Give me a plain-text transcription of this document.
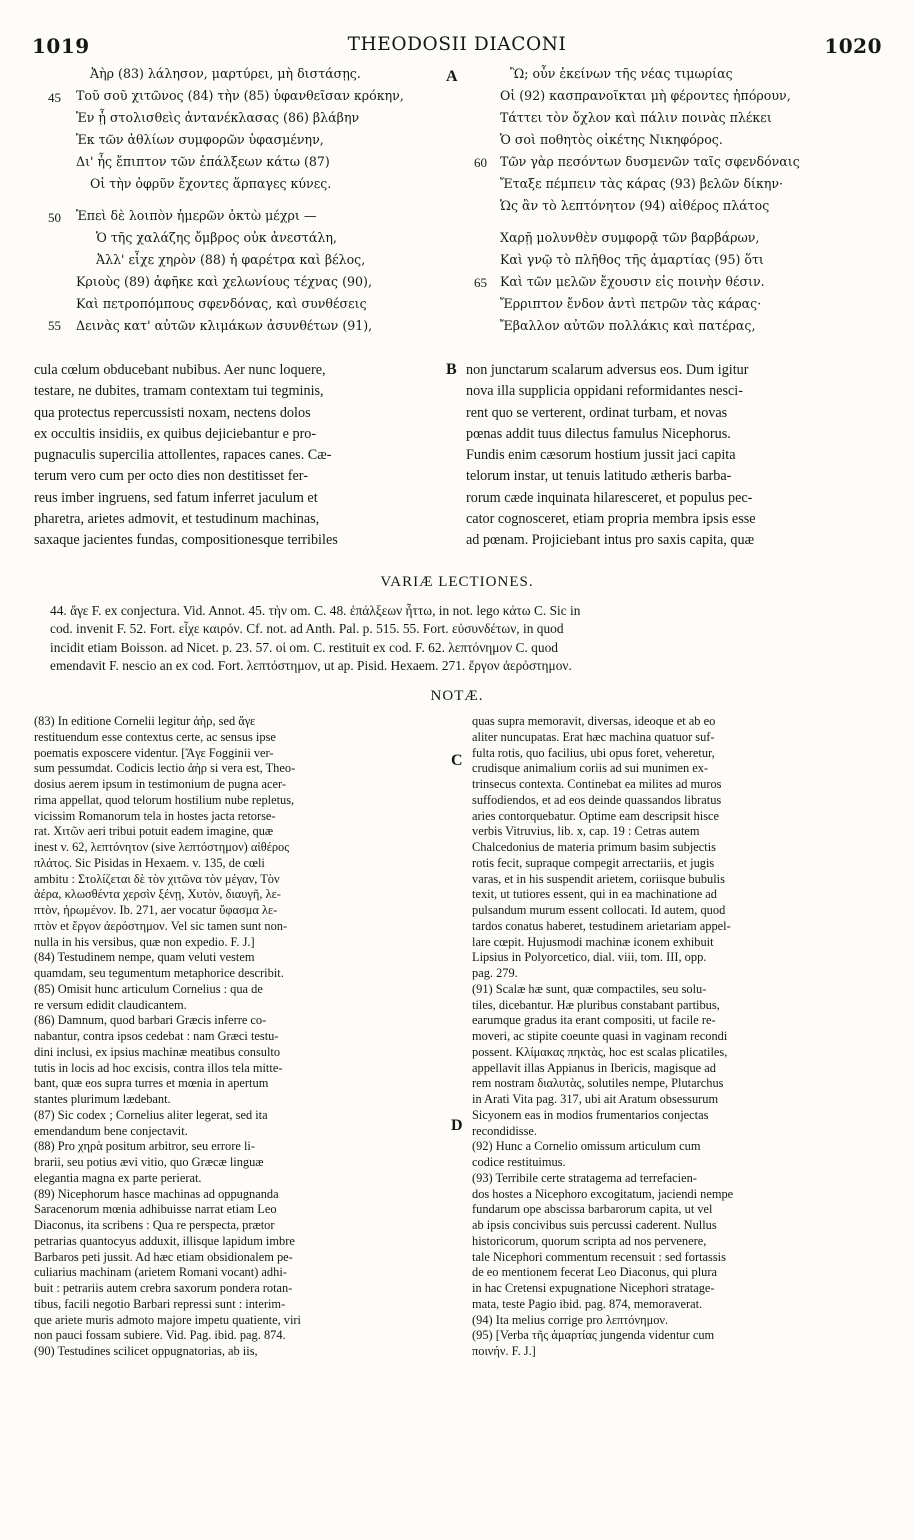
1019	THEODOSII DIACONI	1020
A
B
C
D
45
50
55
Ἀὴρ (83) λάλησον, μαρτύρει, μὴ διστάσῃς.
Τοῦ σοῦ χιτῶνος (84) τὴν (85) ὑφανθεῖσαν κρόκην,
Ἐν ᾗ στολισθεὶς ἀντανέκλασας (86) βλάβην
Ἐκ τῶν ἀθλίων συμφορῶν ὑφασμένην,
Δι' ἧς ἔπιπτον τῶν ἐπάλξεων κάτω (87)
Οἱ τὴν ὀφρῦν ἔχοντες ἅρπαγες κύνες.
Ἐπεὶ δὲ λοιπὸν ἡμερῶν ὀκτὼ μέχρι —
Ὁ τῆς χαλάζης ὄμβρος οὐκ ἀνεστάλη,
Ἀλλ' εἶχε χηρὸν (88) ἡ φαρέτρα καὶ βέλος,
Κριοὺς (89) ἀφῆκε καὶ χελωνίους τέχνας (90),
Καὶ πετροπόμπους σφενδόνας, καὶ συνθέσεις
Δεινὰς κατ' αὐτῶν κλιμάκων ἀσυνθέτων (91),
60
65
Ὢ; οὖν ἐκείνων τῆς νέας τιμωρίας
Οἱ (92) κασπρανοῖκται μὴ φέροντες ἠπόρουν,
Τάττει τὸν ὄχλον καὶ πάλιν ποινὰς πλέκει
Ὁ σοὶ ποθητὸς οἰκέτης Νικηφόρος.
Τῶν γὰρ πεσόντων δυσμενῶν ταῖς σφενδόναις
Ἔταξε πέμπειν τὰς κάρας (93) βελῶν δίκην·
Ὡς ἂν τὸ λεπτόνητον (94) αἰθέρος πλάτος
Χαρῇ μολυνθὲν συμφορᾷ τῶν βαρβάρων,
Καὶ γνῷ τὸ πλῆθος τῆς ἁμαρτίας (95) ὅτι
Καὶ τῶν μελῶν ἔχουσιν εἰς ποινὴν θέσιν.
Ἔρριπτον ἔνδον ἀντὶ πετρῶν τὰς κάρας·
Ἔβαλλον αὐτῶν πολλάκις καὶ πατέρας,
cula cœlum obducebant nubibus. Aer nunc loquere,
testare, ne dubites, tramam contextam tui tegminis,
qua protectus repercussisti noxam, nectens dolos
ex occultis insidiis, ex quibus dejiciebantur e pro-
pugnaculis supercilia attollentes, rapaces canes. Cæ-
terum vero cum per octo dies non destitisset fer-
reus imber ingruens, sed fatum inferret jaculum et
pharetra, arietes admovit, et testudinum machinas,
saxaque jacientes fundas, compositionesque terribiles
non junctarum scalarum adversus eos. Dum igitur
nova illa supplicia oppidani reformidantes nesci-
rent quo se verterent, ordinat turbam, et novas
pœnas addit tuus dilectus famulus Nicephorus.
Fundis enim cæsorum hostium jussit jaci capita
telorum instar, ut tenuis latitudo ætheris barba-
rorum cæde inquinata hilaresceret, et populus pec-
cator cognosceret, etiam propria membra ipsis esse
ad pœnam. Projiciebant intus pro saxis capita, quæ
VARIÆ LECTIONES.
44. ἄγε F. ex conjectura. Vid. Annot. 45. τὴν om. C. 48. ἐπάλξεων ἦττω, in not. lego κάτω C. Sic in
cod. invenit F. 52. Fort. εἶχε καιρόν. Cf. not. ad Anth. Pal. p. 515. 55. Fort. εὐσυνδέτων, in quod
incidit etiam Boisson. ad Nicet. p. 23. 57. οἱ om. C. restituit ex cod. F. 62. λεπτόνημον C. quod
emendavit F. nescio an ex cod. Fort. λεπτόστημον, ut ap. Pisid. Hexaem. 271. ἔργον ἀερόστημον.
NOTÆ.
(83) In editione Cornelii legitur ἀὴρ, sed ἄγε
restituendum esse contextus certe, ac sensus ipse
poematis exposcere videntur. [Ἄγε Fogginii ver-
sum pessumdat. Codicis lectio ἀὴρ si vera est, Theo-
dosius aerem ipsum in testimonium de pugna acer-
rima appellat, quod telorum hostilium nube repletus,
vicissim Romanorum tela in hostes jacta retorse-
rat. Χιτῶν aeri tribui potuit eadem imagine, quæ
inest v. 62, λεπτόνητον (sive λεπτόστημον) αἰθέρος
πλάτος. Sic Pisidas in Hexaem. v. 135, de cœli
ambitu : Στολίζεται δὲ τὸν χιτῶνα τὸν μέγαν, Τὸν
ἀέρα, κλωσθέντα χερσὶν ξένῃ, Χυτὸν, διαυγῆ, λε-
πτὸν, ἠρωμένον. Ib. 271, aer vocatur ὕφασμα λε-
πτὸν et ἔργον ἀερόστημον. Vel sic tamen sunt non-
nulla in his versibus, quæ non expedio. F. J.]
(84) Testudinem nempe, quam veluti vestem
quamdam, seu tegumentum metaphorice describit.
(85) Omisit hunc articulum Cornelius : qua de
re versum edidit claudicantem.
(86) Damnum, quod barbari Græcis inferre co-
nabantur, contra ipsos cedebat : nam Græci testu-
dini inclusi, ex ipsius machinæ meatibus consulto
tutis in locis ad hoc excisis, contra illos tela mitte-
bant, quæ eos supra turres et mœnia in apertum
stantes plurimum lædebant.
(87) Sic codex ; Cornelius aliter legerat, sed ita
emendandum bene conjectavit.
(88) Pro χηρὰ positum arbitror, seu errore li-
brarii, seu potius ævi vitio, quo Græcæ linguæ
elegantia magna ex parte perierat.
(89) Nicephorum hasce machinas ad oppugnanda
Saracenorum mœnia adhibuisse narrat etiam Leo
Diaconus, ita scribens : Qua re perspecta, prætor
petrarias quantocyus adduxit, illisque lapidum imbre
Barbaros peti jussit. Ad hæc etiam obsidionalem pe-
culiarius machinam (arietem Romani vocant) adhi-
buit : petrariis autem crebra saxorum pondera rotan-
tibus, facili negotio Barbari repressi sunt : interim-
que ariete muris admoto majore impetu quatiente, viri
non pauci fossam subiere. Vid. Pag. ibid. pag. 874.
(90) Testudines scilicet oppugnatorias, ab iis,
quas supra memoravit, diversas, ideoque et ab eo
aliter nuncupatas. Erat hæc machina quatuor suf-
fulta rotis, quo facilius, ubi opus foret, veheretur,
crudisque animalium coriis ad sui munimen ex-
trinsecus contexta. Continebat ea milites ad muros
suffodiendos, et ad eos deinde quassandos libratus
aries contorquebatur. Optime eam descripsit hisce
verbis Vitruvius, lib. x, cap. 19 : Cetras autem
Chalcedonius de materia primum basim subjectis
rotis fecit, supraque compegit arrectariis, et jugis
varas, et in his suspendit arietem, coriisque bubulis
texit, ut tutiores essent, qui in ea machinatione ad
pulsandum murum essent collocati. Id autem, quod
tardos conatus haberet, testudinem arietariam appel-
lare cœpit. Hujusmodi machinæ iconem exhibuit
Lipsius in Polyorcetico, dial. viii, tom. III, opp.
pag. 279.
(91) Scalæ hæ sunt, quæ compactiles, seu solu-
tiles, dicebantur. Hæ pluribus constabant partibus,
earumque gradus ita erant compositi, ut facile re-
moveri, ac stipite coeunte quasi in vaginam recondi
possent. Κλίμακας πηκτὰς, hoc est scalas plicatiles,
appellavit illas Appianus in Ibericis, magisque ad
rem nostram διαλυτὰς, solutiles nempe, Plutarchus
in Arati Vita pag. 317, ubi ait Aratum obsessurum
Sicyonem eas in modios frumentarios conjectas
recondidisse.
(92) Hunc a Cornelio omissum articulum cum
codice restituimus.
(93) Terribile certe stratagema ad terrefacien-
dos hostes a Nicephoro excogitatum, jaciendi nempe
fundarum ope abscissa barbarorum capita, ut vel
ab ipsis concivibus suis percussi caderent. Nullus
historicorum, quorum scripta ad nos pervenere,
tale Nicephori commentum recensuit : sed fortassis
de eo mentionem fecerat Leo Diaconus, qui plura
in hac Cretensi expugnatione Nicephori stratage-
mata, teste Pagio ibid. pag. 874, memoraverat.
(94) Ita melius corrige pro λεπτόνημον.
(95) [Verba τῆς ἁμαρτίας jungenda videntur cum
ποινήν. F. J.]
